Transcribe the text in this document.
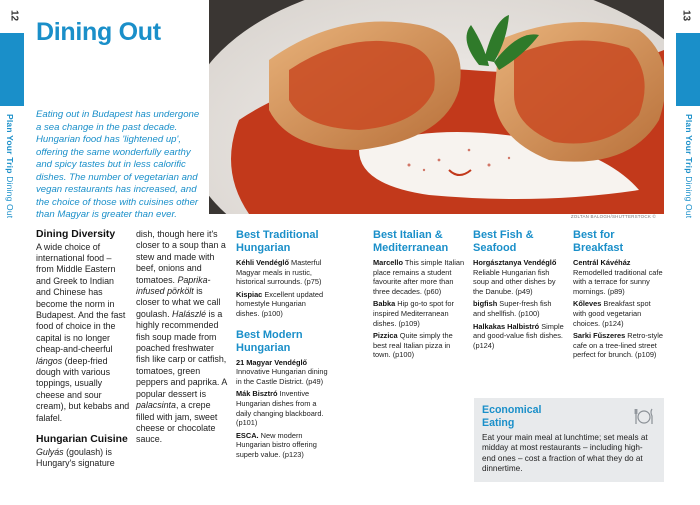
12
Plan Your Trip Dining Out
13
Plan Your Trip Dining Out
Dining Out

Eating out in Budapest has undergone a sea change in the past decade. Hungarian food has 'lightened up', offering the same wonderfully earthy and spicy tastes but in less calorific dishes. The number of vegetarian and vegan restaurants has increased, and the choice of those with cuisines other than Magyar is greater than ever.	ZOLTAN BALOGH/SHUTTERSTOCK ©
Dining Diversity

A wide choice of international food – from Middle Eastern and Greek to Indian and Chinese has become the norm in Budapest. And the fast food of choice in the capital is no longer cheap-and-cheerful lángos (deep-fried dough with various toppings, usually cheese and sour cream), but kebabs and falafel.

Hungarian Cuisine

Gulyás (goulash) is Hungary's signature

dish, though here it's closer to a soup than a stew and made with beef, onions and tomatoes. Paprika-infused pörkölt is closer to what we call goulash. Halászlé is a highly recommended fish soup made from poached freshwater fish like carp or catfish, tomatoes, green peppers and paprika. A popular dessert is palacsinta, a crepe filled with jam, sweet cheese or chocolate sauce.

Best Traditional Hungarian
Kéhli Vendéglő Masterful Magyar meals in rustic, historical surrounds. (p75)
Kispiac Excellent updated homestyle Hungarian dishes. (p100)
Best Modern Hungarian
21 Magyar Vendéglő Innovative Hungarian dining in the Castle District. (p49)
Mák Bisztró Inventive Hungarian dishes from a daily changing blackboard. (p101)
ESCA. New modern Hungarian bistro offering superb value. (p123)
Best Italian & Mediterranean
Marcello This simple Italian place remains a student favourite after more than three decades. (p60)
Babka Hip go-to spot for inspired Mediterranean dishes. (p109)
Pizzica Quite simply the best real Italian pizza in town. (p100)
Best Fish & Seafood
Horgásztanya Vendéglő Reliable Hungarian fish soup and other dishes by the Danube. (p49)
bigfish Super-fresh fish and shellfish. (p100)
Halkakas Halbistró Simple and good-value fish dishes. (p124)
Best for Breakfast
Centrál Kávéház Remodelled traditional cafe with a terrace for sunny mornings. (p89)
Kőleves Breakfast spot with good vegetarian choices. (p124)
Sarki Fűszeres Retro-style cafe on a tree-lined street perfect for brunch. (p109)
Economical Eating

Eat your main meal at lunchtime; set meals at midday at most restaurants – including high-end ones – cost a fraction of what they do at dinnertime.
